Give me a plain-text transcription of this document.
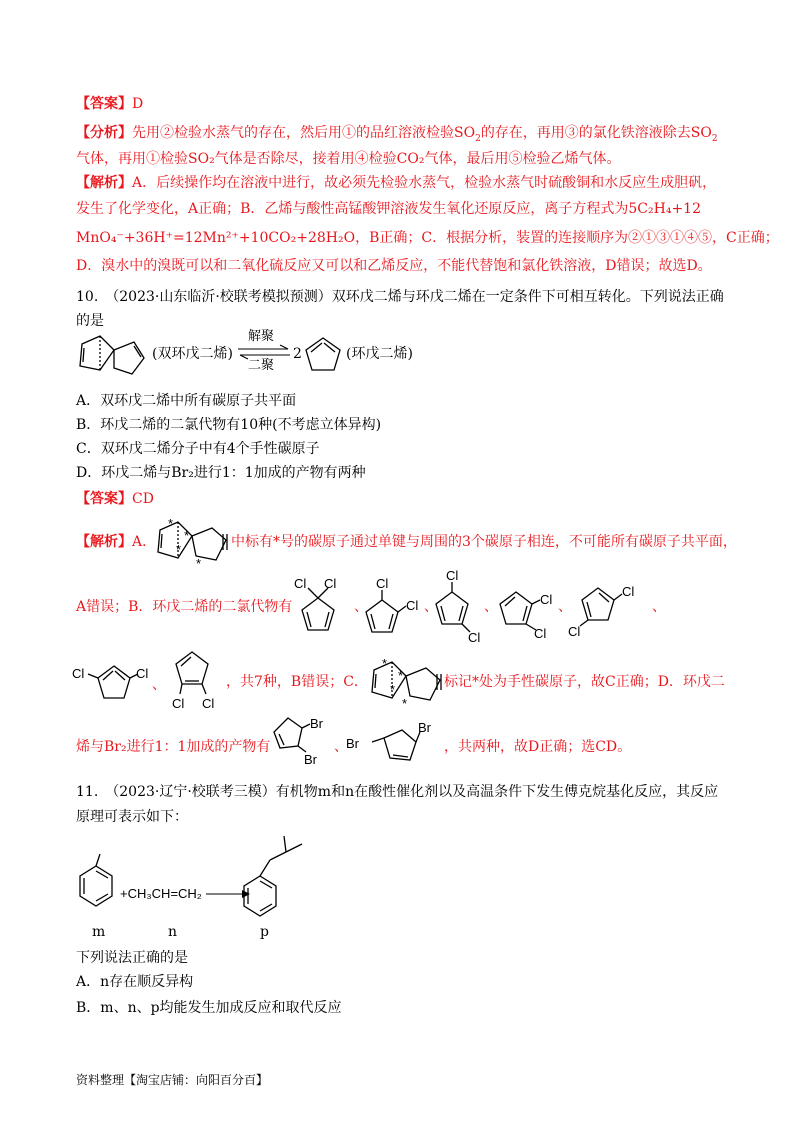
【答案】D
【分析】先用②检验水蒸气的存在，然后用①的品红溶液检验$SO_2$的存在，再用③的氯化铁溶液除去$SO_2$
气体，再用①检验SO₂气体是否除尽，接着用④检验CO₂气体，最后用⑤检验乙烯气体。
【解析】A．后续操作均在溶液中进行，故必须先检验水蒸气，检验水蒸气时硫酸铜和水反应生成胆矾，
发生了化学变化，A正确；B．乙烯与酸性高锰酸钾溶液发生氧化还原反应，离子方程式为5C₂H₄+12
MnO₄⁻+36H⁺=12Mn²⁺+10CO₂+28H₂O，B正确；C．根据分析，装置的连接顺序为②①③①④⑤，C正确；
D．溴水中的溴既可以和二氧化硫反应又可以和乙烯反应，不能代替饱和氯化铁溶液，D错误；故选D。
10.　（2023·山东临沂·校联考模拟预测）双环戊二烯与环戊二烯在一定条件下可相互转化。下列说法正确
的是
(双环戊二烯) ⇌
解聚
二聚
2	(环戊二烯)
A．双环戊二烯中所有碳原子共平面
B．环戊二烯的二氯代物有10种(不考虑立体异构)
C．双环戊二烯分子中有4个手性碳原子
D．环戊二烯与Br₂进行1：1加成的产物有两种
【答案】CD
【解析】A．
*
*
*
*
中标有*号的碳原子通过单键与周围的3个碳原子相连，不可能所有碳原子共平面，
A错误；B．环戊二烯的二氯代物有
Cl Cl
、
Cl
Cl 、
Cl
Cl
、	Cl
Cl
、
Cl
Cl
、
Cl	Cl
、
Cl Cl
，共7种，B错误；C．
*
*
*
*
标记*处为手性碳原子，故C正确；D．环戊二
烯与Br₂进行1：1加成的产物有
Br
Br
、
Br
Br
，共两种，故D正确；选CD。
11.　（2023·辽宁·校联考三模）有机物m和n在酸性催化剂以及高温条件下发生傅克烷基化反应，其反应
原理可表示如下：
+CH₃CH=CH₂ →
m	n	p
下列说法正确的是
A．n存在顺反异构
B．m、n、p均能发生加成反应和取代反应
资料整理【淘宝店铺：向阳百分百】
